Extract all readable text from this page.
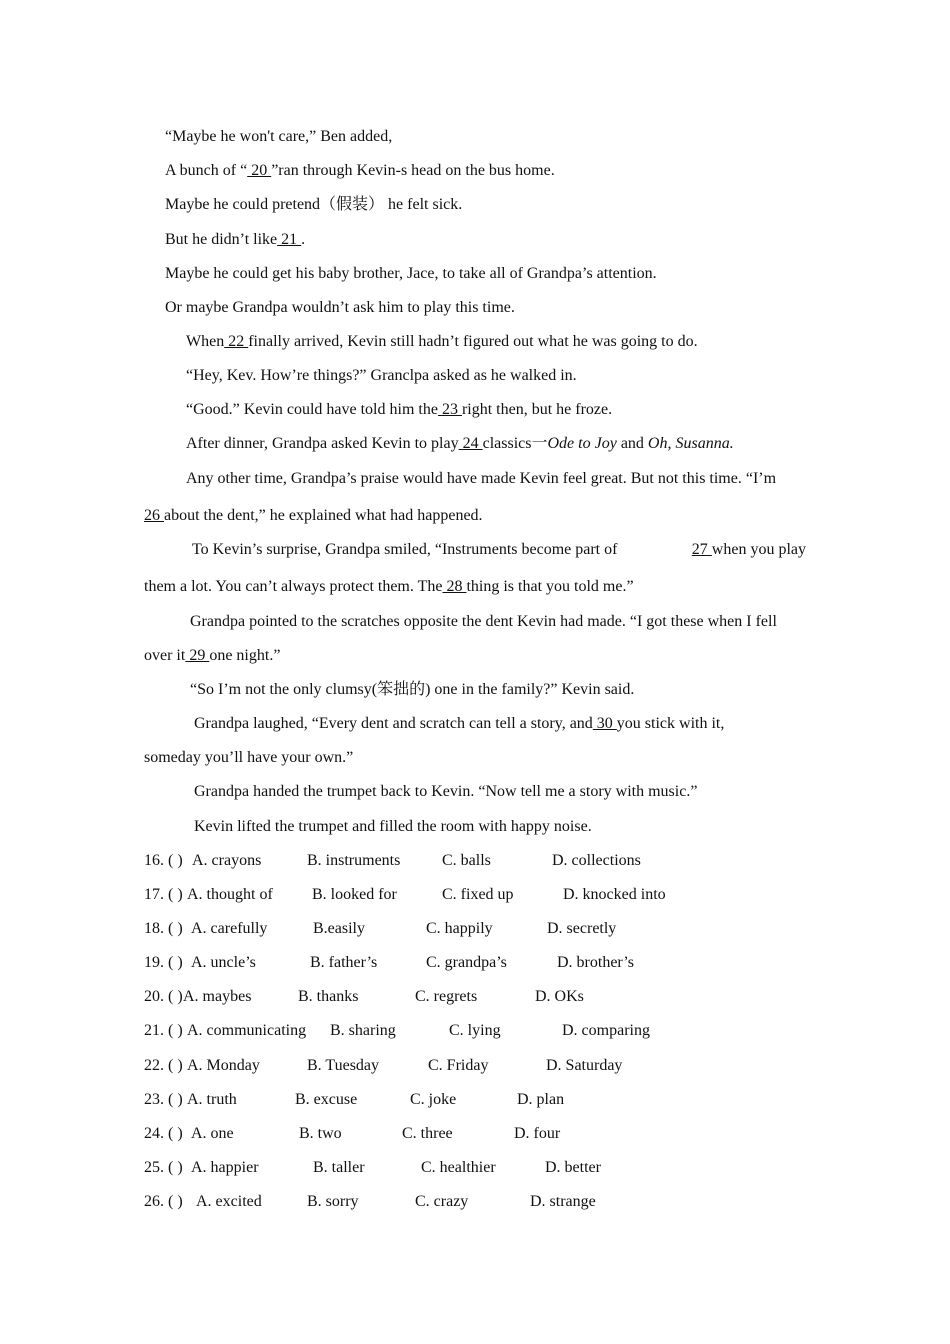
“Maybe he won't care,” Ben added,
A bunch of “ 20 ”ran through Kevin-s head on the bus home.
Maybe he could pretend（假装） he felt sick.
But he didn’t like 21 .
Maybe he could get his baby brother, Jace, to take all of Grandpa’s attention.
Or maybe Grandpa wouldn’t ask him to play this time.
When 22 finally arrived, Kevin still hadn’t figured out what he was going to do.
“Hey, Kev. How’re things?” Granclpa asked as he walked in.
“Good.” Kevin could have told him the 23 right then, but he froze.
After dinner, Grandpa asked Kevin to play 24 classics一Ode to Joy and Oh, Susanna.
Any other time, Grandpa’s praise would have made Kevin feel great. But not this time. “I’m
26 about the dent,” he explained what had happened.
To Kevin’s surprise, Grandpa smiled, “Instruments become part of	27 when you play
them a lot. You can’t always protect them. The 28 thing is that you told me.”
Grandpa pointed to the scratches opposite the dent Kevin had made. “I got these when I fell
over it 29 one night.”
“So I’m not the only clumsy(笨拙的) one in the family?” Kevin said.
Grandpa laughed, “Every dent and scratch can tell a story, and 30 you stick with it,
someday you’ll have your own.”
Grandpa handed the trumpet back to Kevin. “Now tell me a story with music.”
Kevin lifted the trumpet and filled the room with happy noise.
16. ( ) A. crayons	B. instruments	C. balls	D. collections
17. ( ) A. thought of B. looked for	C. fixed up	D. knocked into
18. ( ) A. carefully	B.easily	C. happily	D. secretly
19. ( ) A. uncle’s	B. father’s	C. grandpa’s	D. brother’s
20. ( ) A. maybes	B. thanks	C. regrets	D. OKs
21. ( ) A. communicating B. sharing	C. lying	D. comparing
22. ( ) A. Monday	B. Tuesday	C. Friday	D. Saturday
23. ( ) A. truth	B. excuse	C. joke	D. plan
24. ( ) A. one	B. two	C. three	D. four
25. ( ) A. happier	B. taller	C. healthier	D. better
26. ( ) A. excited	B. sorry	C. crazy	D. strange
